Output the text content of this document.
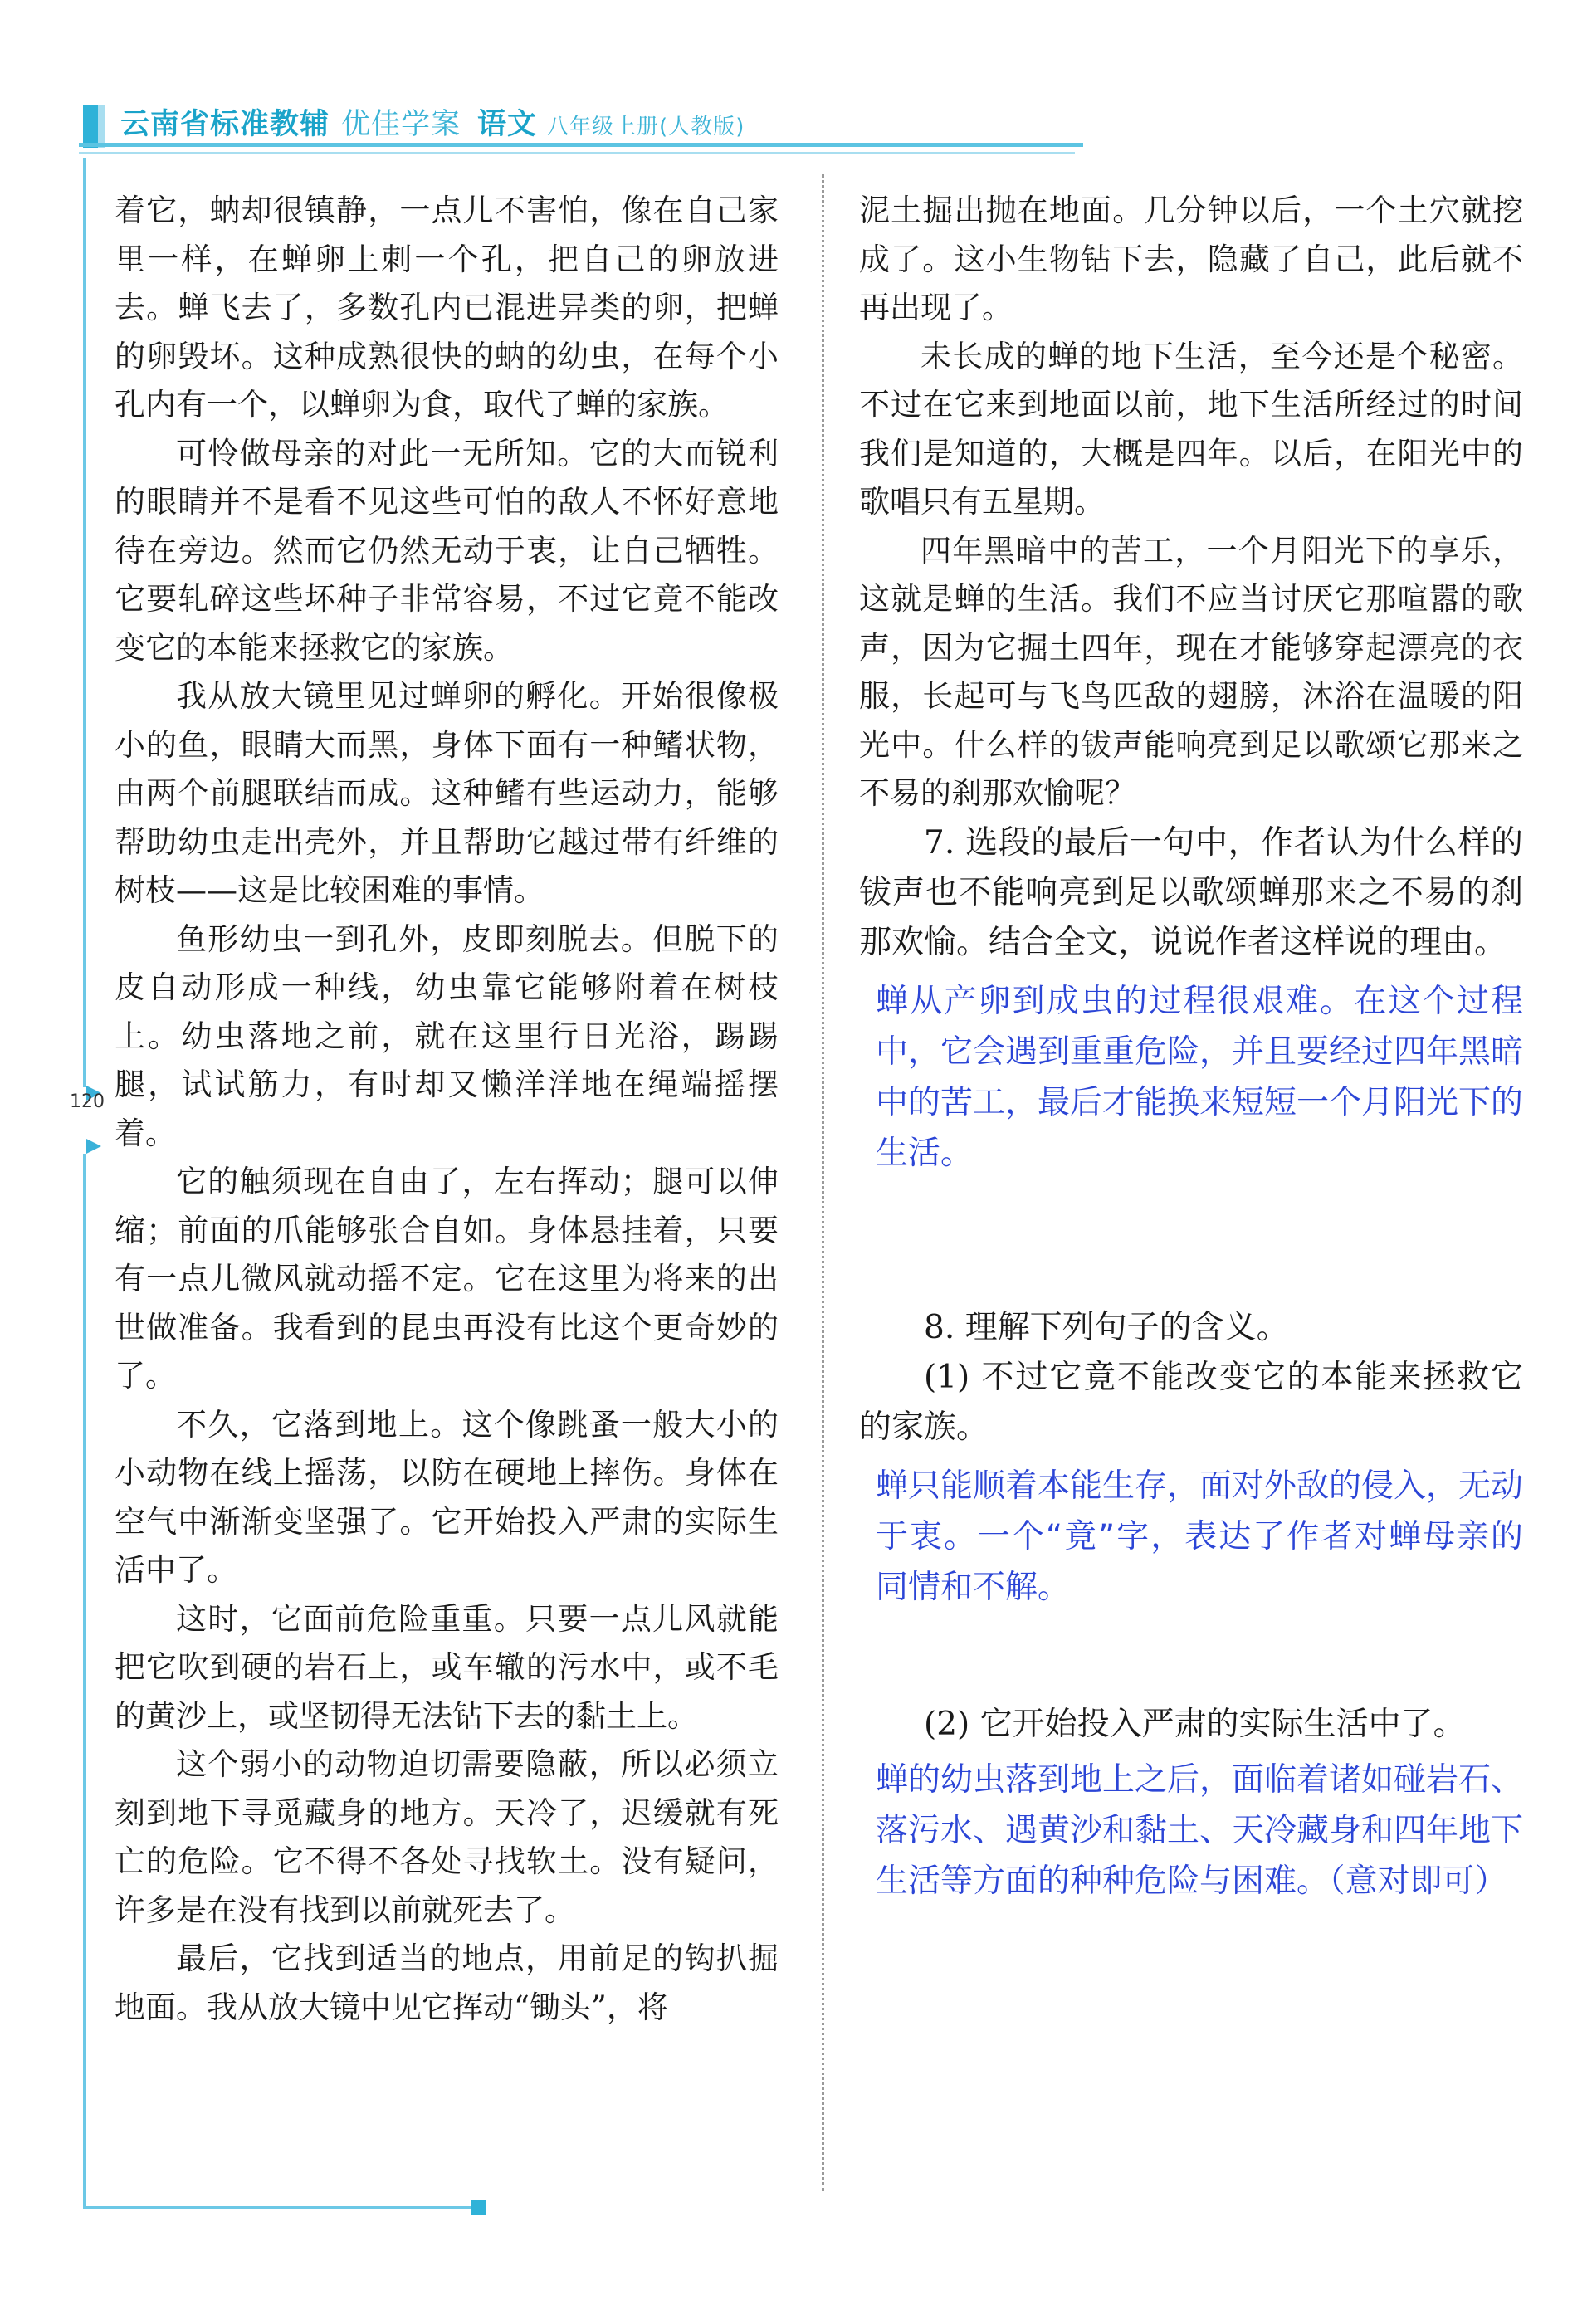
云南省标准教辅 优佳学案 语文 八年级上册(人教版)
120

着它，蚋却很镇静，一点儿不害怕，像在自己家里一样，在蝉卵上刺一个孔，把自己的卵放进去。蝉飞去了，多数孔内已混进异类的卵，把蝉的卵毁坏。这种成熟很快的蚋的幼虫，在每个小孔内有一个，以蝉卵为食，取代了蝉的家族。

可怜做母亲的对此一无所知。它的大而锐利的眼睛并不是看不见这些可怕的敌人不怀好意地待在旁边。然而它仍然无动于衷，让自己牺牲。它要轧碎这些坏种子非常容易，不过它竟不能改变它的本能来拯救它的家族。

我从放大镜里见过蝉卵的孵化。开始很像极小的鱼，眼睛大而黑，身体下面有一种鳍状物，由两个前腿联结而成。这种鳍有些运动力，能够帮助幼虫走出壳外，并且帮助它越过带有纤维的树枝——这是比较困难的事情。

鱼形幼虫一到孔外，皮即刻脱去。但脱下的皮自动形成一种线，幼虫靠它能够附着在树枝上。幼虫落地之前，就在这里行日光浴，踢踢腿，试试筋力，有时却又懒洋洋地在绳端摇摆着。

它的触须现在自由了，左右挥动；腿可以伸缩；前面的爪能够张合自如。身体悬挂着，只要有一点儿微风就动摇不定。它在这里为将来的出世做准备。我看到的昆虫再没有比这个更奇妙的了。

不久，它落到地上。这个像跳蚤一般大小的小动物在线上摇荡，以防在硬地上摔伤。身体在空气中渐渐变坚强了。它开始投入严肃的实际生活中了。

这时，它面前危险重重。只要一点儿风就能把它吹到硬的岩石上，或车辙的污水中，或不毛的黄沙上，或坚韧得无法钻下去的黏土上。

这个弱小的动物迫切需要隐蔽，所以必须立刻到地下寻觅藏身的地方。天冷了，迟缓就有死亡的危险。它不得不各处寻找软土。没有疑问，许多是在没有找到以前就死去了。

最后，它找到适当的地点，用前足的钩扒掘地面。我从放大镜中见它挥动“锄头”，将

泥土掘出抛在地面。几分钟以后，一个土穴就挖成了。这小生物钻下去，隐藏了自己，此后就不再出现了。

未长成的蝉的地下生活，至今还是个秘密。不过在它来到地面以前，地下生活所经过的时间我们是知道的，大概是四年。以后，在阳光中的歌唱只有五星期。

四年黑暗中的苦工，一个月阳光下的享乐，这就是蝉的生活。我们不应当讨厌它那喧嚣的歌声，因为它掘土四年，现在才能够穿起漂亮的衣服，长起可与飞鸟匹敌的翅膀，沐浴在温暖的阳光中。什么样的钹声能响亮到足以歌颂它那来之不易的刹那欢愉呢？

7. 选段的最后一句中，作者认为什么样的钹声也不能响亮到足以歌颂蝉那来之不易的刹那欢愉。结合全文，说说作者这样说的理由。

蝉从产卵到成虫的过程很艰难。在这个过程中，它会遇到重重危险，并且要经过四年黑暗中的苦工，最后才能换来短短一个月阳光下的生活。

8. 理解下列句子的含义。

(1) 不过它竟不能改变它的本能来拯救它的家族。

蝉只能顺着本能生存，面对外敌的侵入，无动于衷。一个“竟”字，表达了作者对蝉母亲的同情和不解。

(2) 它开始投入严肃的实际生活中了。

蝉的幼虫落到地上之后，面临着诸如碰岩石、落污水、遇黄沙和黏土、天冷藏身和四年地下生活等方面的种种危险与困难。（意对即可）
